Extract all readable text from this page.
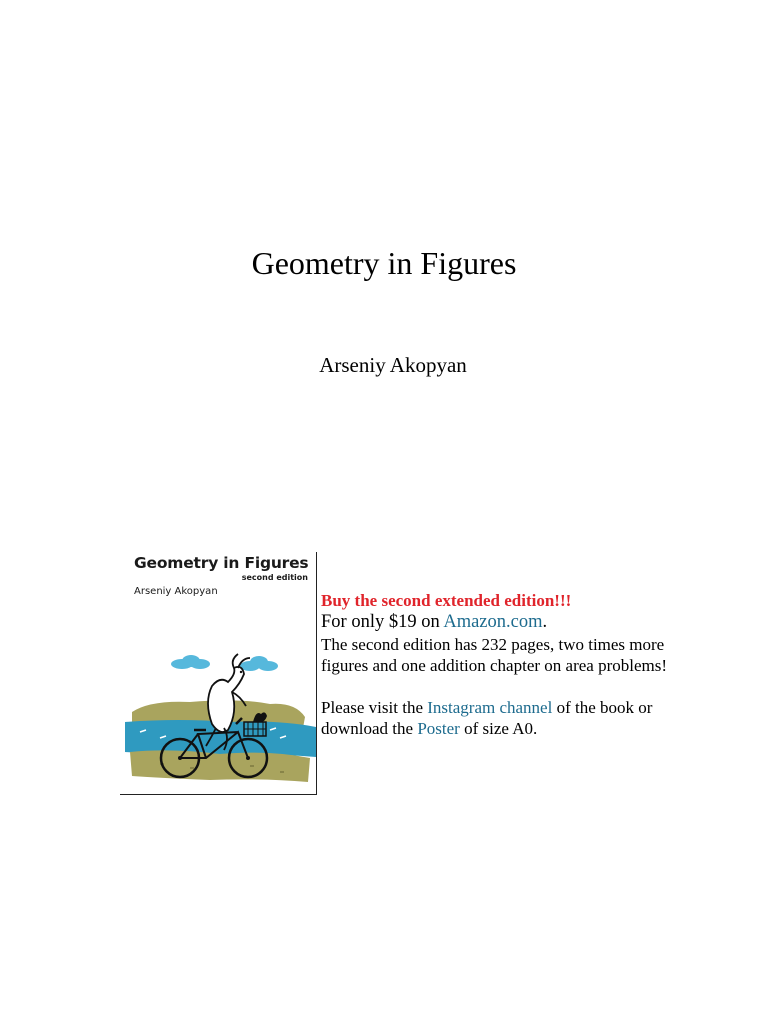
Geometry in Figures
Arseniy Akopyan
Geometry in Figures
second edition
Arseniy Akopyan	Buy the second extended edition!!!

For only $19 on Amazon.com.

The second edition has 232 pages, two times more figures and one addition chapter on area problems!

Please visit the Instagram channel of the book or download the Poster of size A0.
